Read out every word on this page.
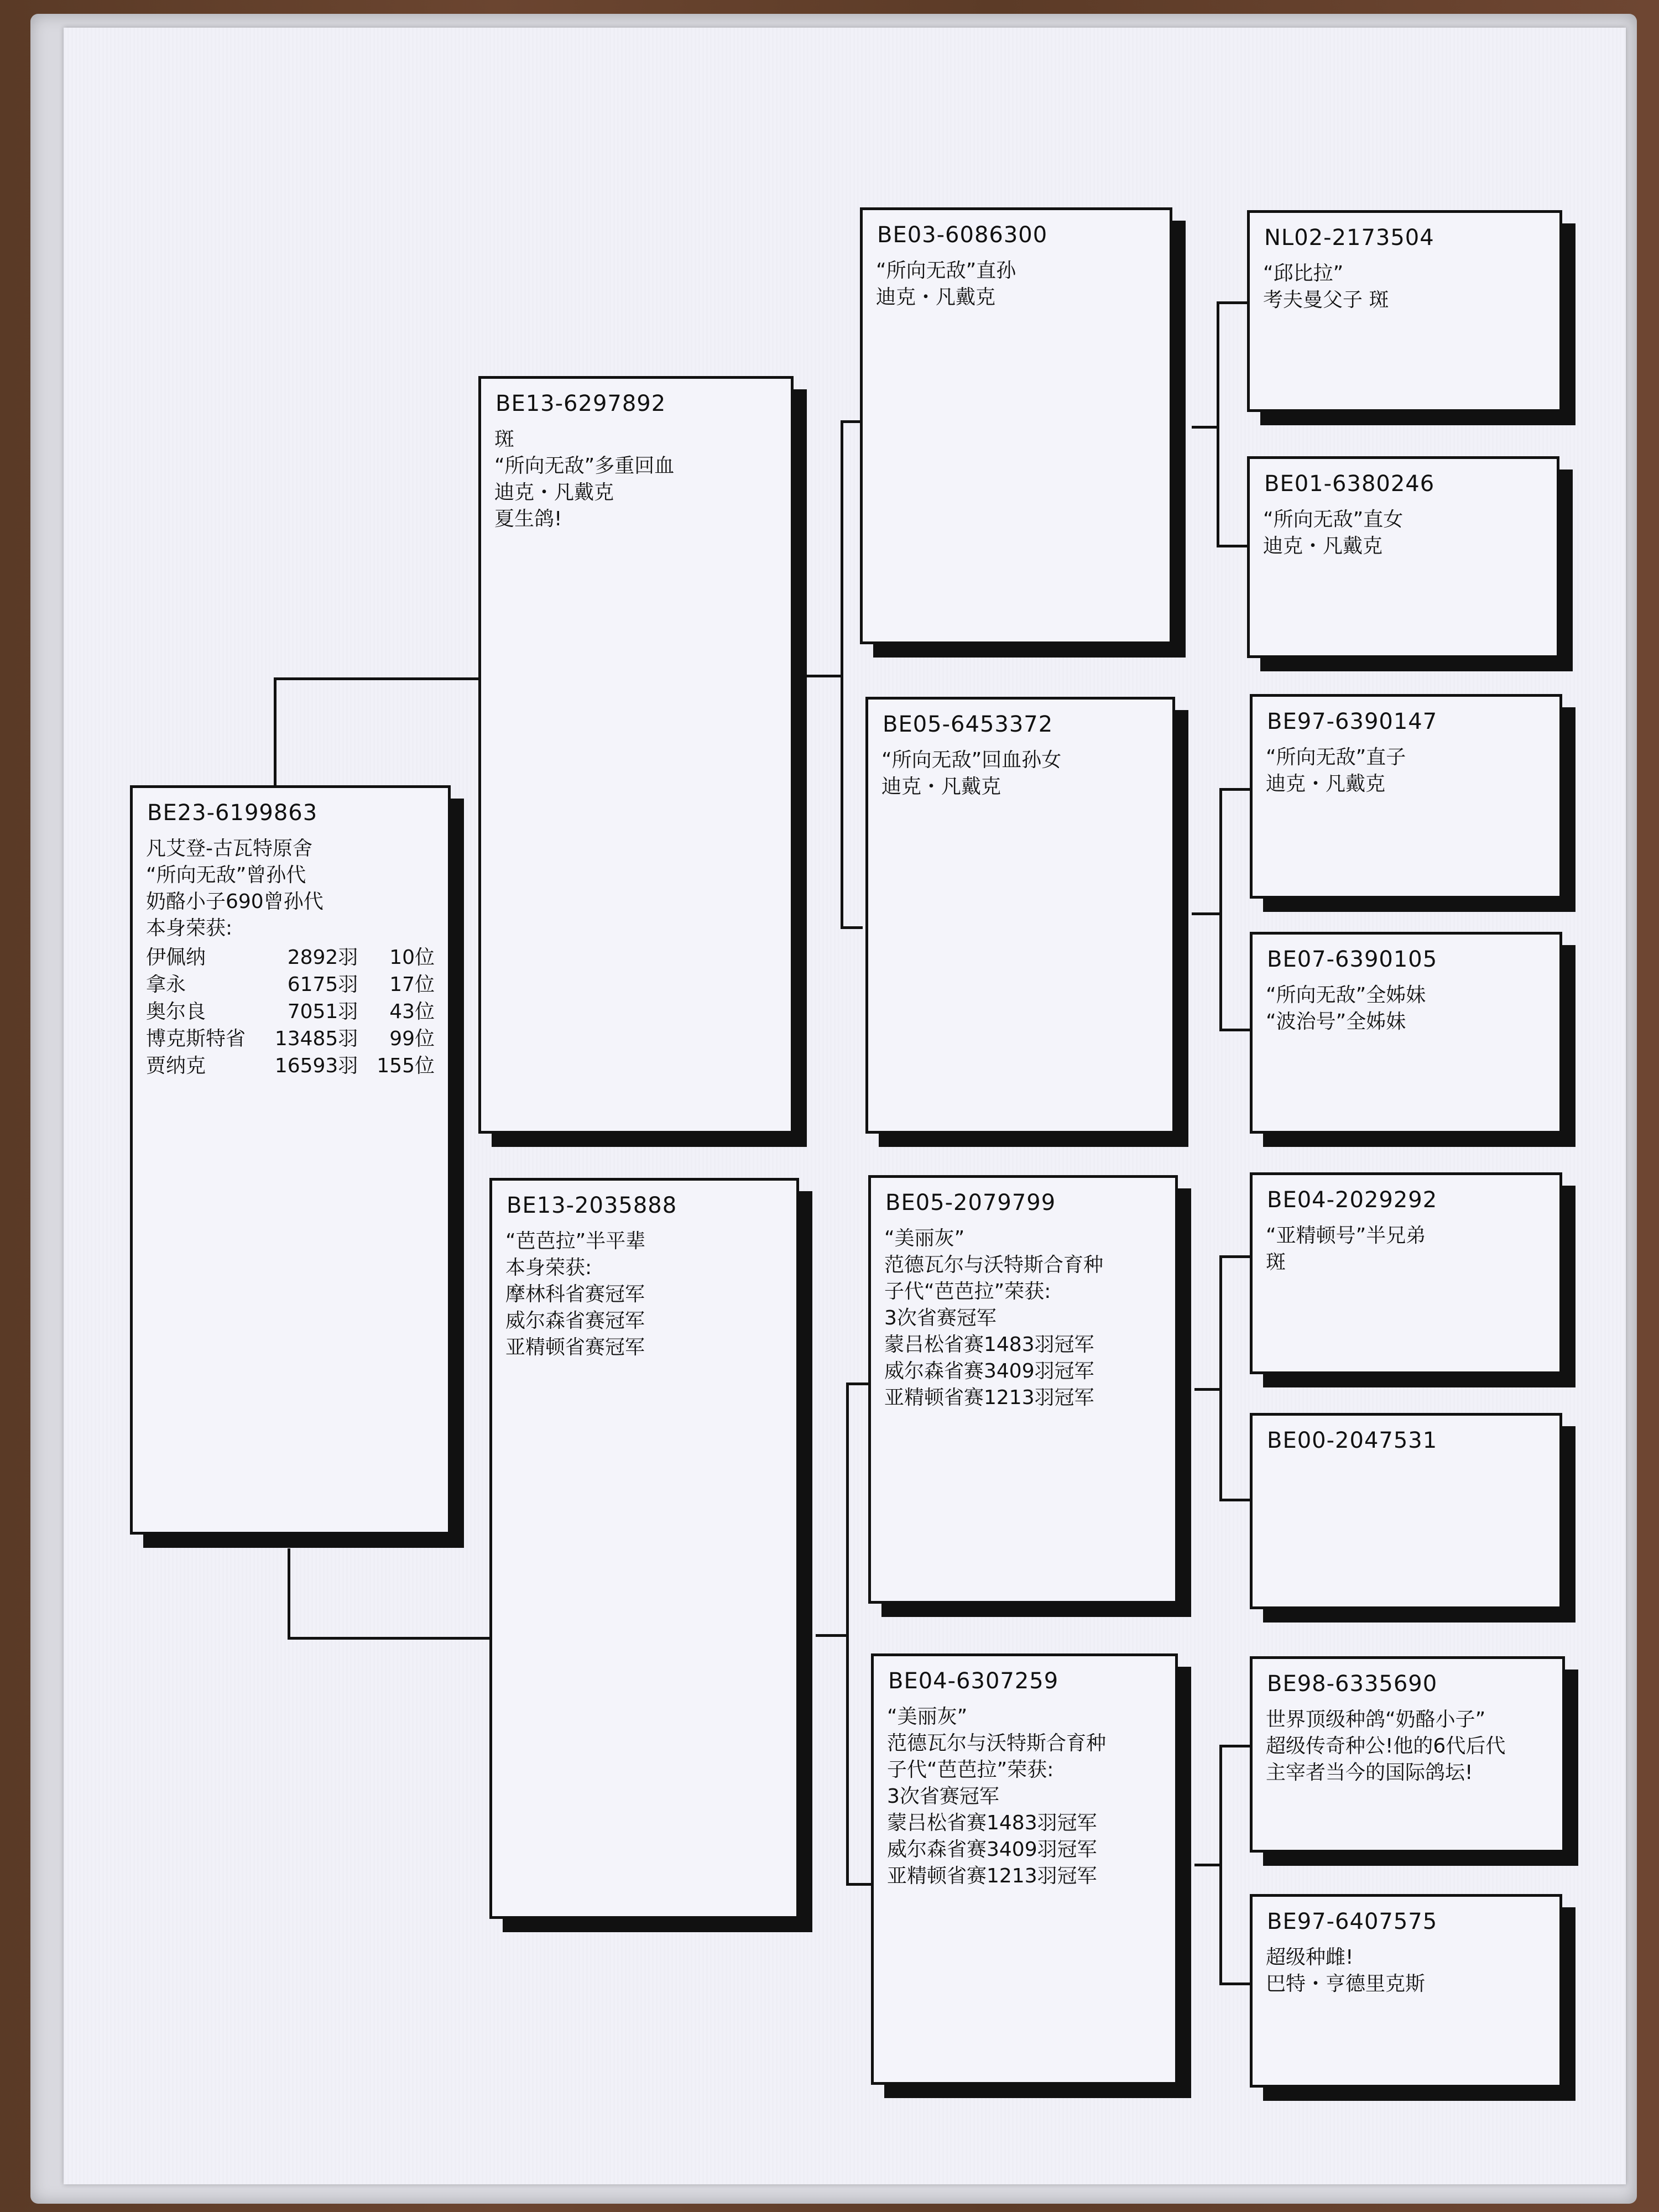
BE23-6199863
凡艾登-古瓦特原舍
“所向无敌”曾孙代
奶酪小子690曾孙代
本身荣获:
伊佩纳	2892羽	10位
拿永	6175羽	17位
奥尔良	7051羽	43位
博克斯特省	13485羽	99位
贾纳克	16593羽 155位
BE13-6297892
斑
“所向无敌”多重回血
迪克・凡戴克
夏生鸽!
BE13-2035888
“芭芭拉”半平辈
本身荣获:
摩林科省赛冠军
威尔森省赛冠军
亚精顿省赛冠军
BE03-6086300
“所向无敌”直孙
迪克・凡戴克
BE05-6453372
“所向无敌”回血孙女
迪克・凡戴克
BE05-2079799
“美丽灰”
范德瓦尔与沃特斯合育种
子代“芭芭拉”荣获:
3次省赛冠军
蒙吕松省赛1483羽冠军
威尔森省赛3409羽冠军
亚精顿省赛1213羽冠军
BE04-6307259
“美丽灰”
范德瓦尔与沃特斯合育种
子代“芭芭拉”荣获:
3次省赛冠军
蒙吕松省赛1483羽冠军
威尔森省赛3409羽冠军
亚精顿省赛1213羽冠军
NL02-2173504
“邱比拉”
考夫曼父子 斑
BE01-6380246
“所向无敌”直女
迪克・凡戴克
BE97-6390147
“所向无敌”直子
迪克・凡戴克
BE07-6390105
“所向无敌”全姊妹
“波治号”全姊妹
BE04-2029292
“亚精顿号”半兄弟
斑
BE00-2047531
BE98-6335690
世界顶级种鸽“奶酪小子”
超级传奇种公!他的6代后代
主宰者当今的国际鸽坛!
BE97-6407575
超级种雌!
巴特・亨德里克斯
